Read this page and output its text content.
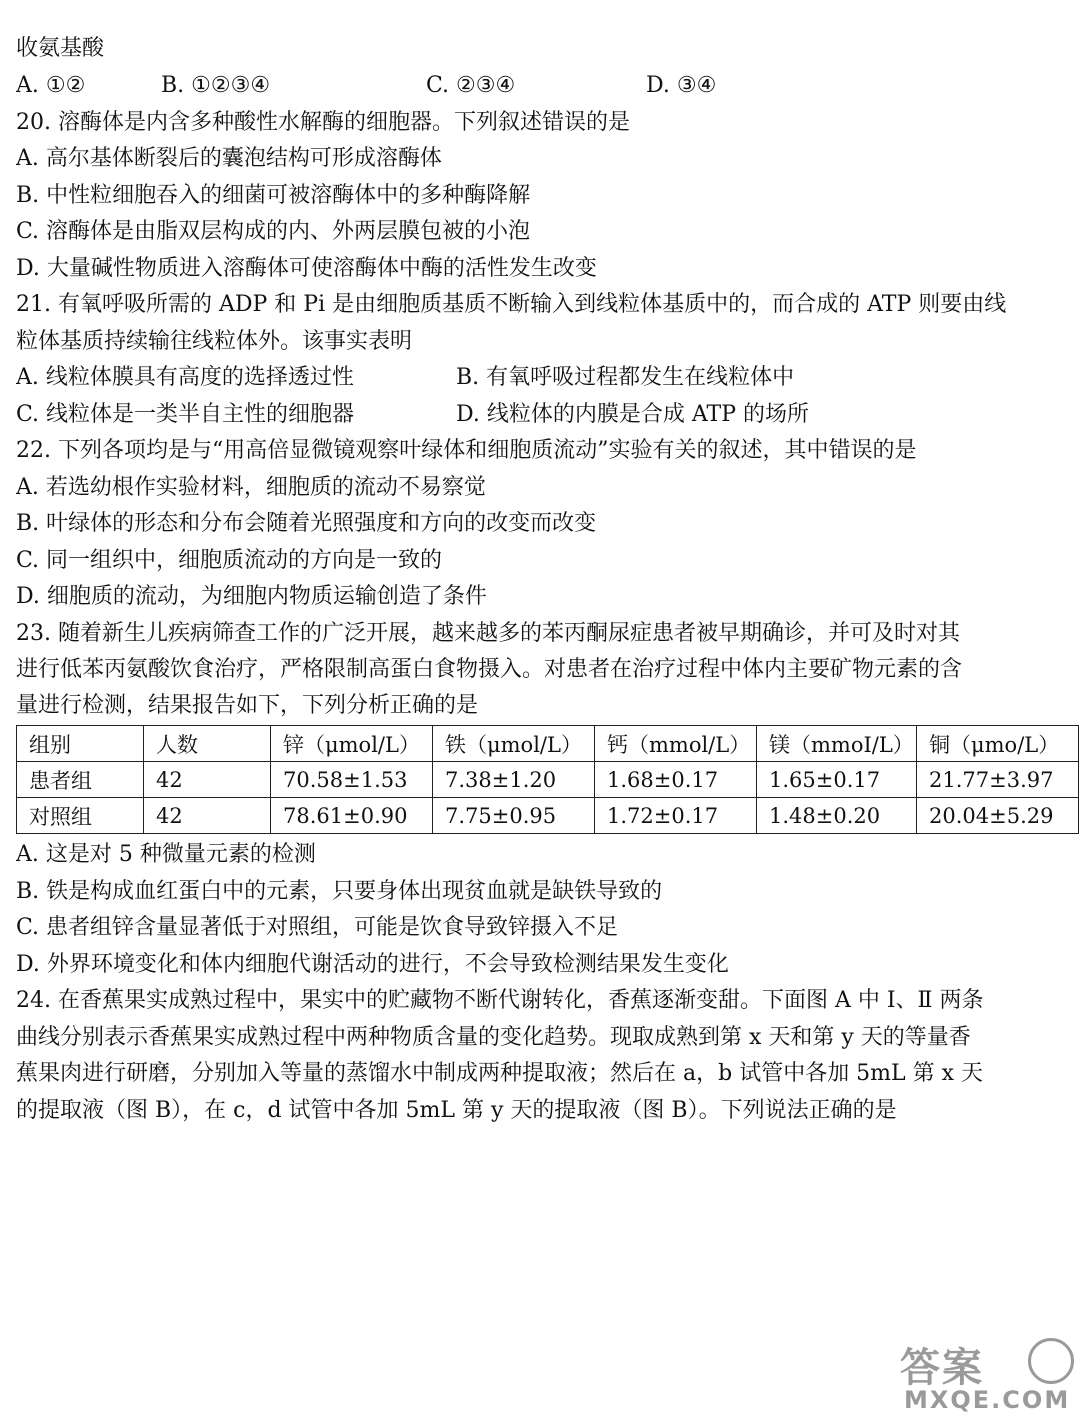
收氨基酸
A. ①②	B. ①②③④	C. ②③④	D. ③④
20. 溶酶体是内含多种酸性水解酶的细胞器。下列叙述错误的是
A. 高尔基体断裂后的囊泡结构可形成溶酶体
B. 中性粒细胞吞入的细菌可被溶酶体中的多种酶降解
C. 溶酶体是由脂双层构成的内、外两层膜包被的小泡
D. 大量碱性物质进入溶酶体可使溶酶体中酶的活性发生改变
21. 有氧呼吸所需的 ADP 和 Pi 是由细胞质基质不断输入到线粒体基质中的，而合成的 ATP 则要由线
粒体基质持续输往线粒体外。该事实表明
A. 线粒体膜具有高度的选择透过性	B. 有氧呼吸过程都发生在线粒体中
C. 线粒体是一类半自主性的细胞器	D. 线粒体的内膜是合成 ATP 的场所
22. 下列各项均是与“用高倍显微镜观察叶绿体和细胞质流动”实验有关的叙述，其中错误的是
A. 若选幼根作实验材料，细胞质的流动不易察觉
B. 叶绿体的形态和分布会随着光照强度和方向的改变而改变
C. 同一组织中，细胞质流动的方向是一致的
D. 细胞质的流动，为细胞内物质运输创造了条件
23. 随着新生儿疾病筛查工作的广泛开展，越来越多的苯丙酮尿症患者被早期确诊，并可及时对其
进行低苯丙氨酸饮食治疗，严格限制高蛋白食物摄入。对患者在治疗过程中体内主要矿物元素的含
量进行检测，结果报告如下，下列分析正确的是
组别	人数	锌（μmol/L）	铁（μmol/L）	钙（mmol/L）	镁（mmoI/L）	铜（μmo/L）
患者组	42	70.58±1.53	7.38±1.20	1.68±0.17	1.65±0.17	21.77±3.97
对照组	42	78.61±0.90	7.75±0.95	1.72±0.17	1.48±0.20	20.04±5.29
A. 这是对 5 种微量元素的检测
B. 铁是构成血红蛋白中的元素，只要身体出现贫血就是缺铁导致的
C. 患者组锌含量显著低于对照组，可能是饮食导致锌摄入不足
D. 外界环境变化和体内细胞代谢活动的进行，不会导致检测结果发生变化
24. 在香蕉果实成熟过程中，果实中的贮藏物不断代谢转化，香蕉逐渐变甜。下面图 A 中 Ⅰ、Ⅱ 两条
曲线分别表示香蕉果实成熟过程中两种物质含量的变化趋势。现取成熟到第 x 天和第 y 天的等量香
蕉果肉进行研磨，分别加入等量的蒸馏水中制成两种提取液；然后在 a，b 试管中各加 5mL 第 x 天
的提取液（图 B），在 c，d 试管中各加 5mL 第 y 天的提取液（图 B）。下列说法正确的是
答案
MXQE.COM
